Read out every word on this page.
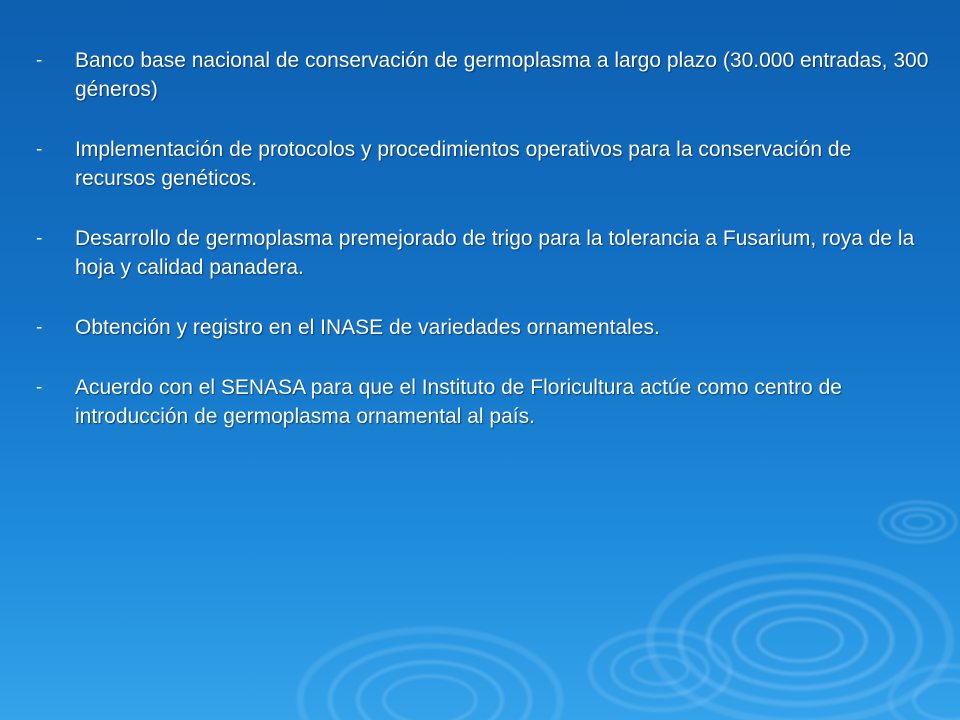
-	Banco base nacional de conservación de germoplasma a largo plazo (30.000 entradas, 300 géneros)
-	Implementación de protocolos y procedimientos operativos para la conservación de recursos genéticos.
-	Desarrollo de germoplasma premejorado de trigo para la tolerancia a Fusarium, roya de la hoja y calidad panadera.
-	Obtención y registro en el INASE de variedades ornamentales.
-	Acuerdo con el SENASA para que el Instituto de Floricultura actúe como centro de introducción de germoplasma ornamental al país.
